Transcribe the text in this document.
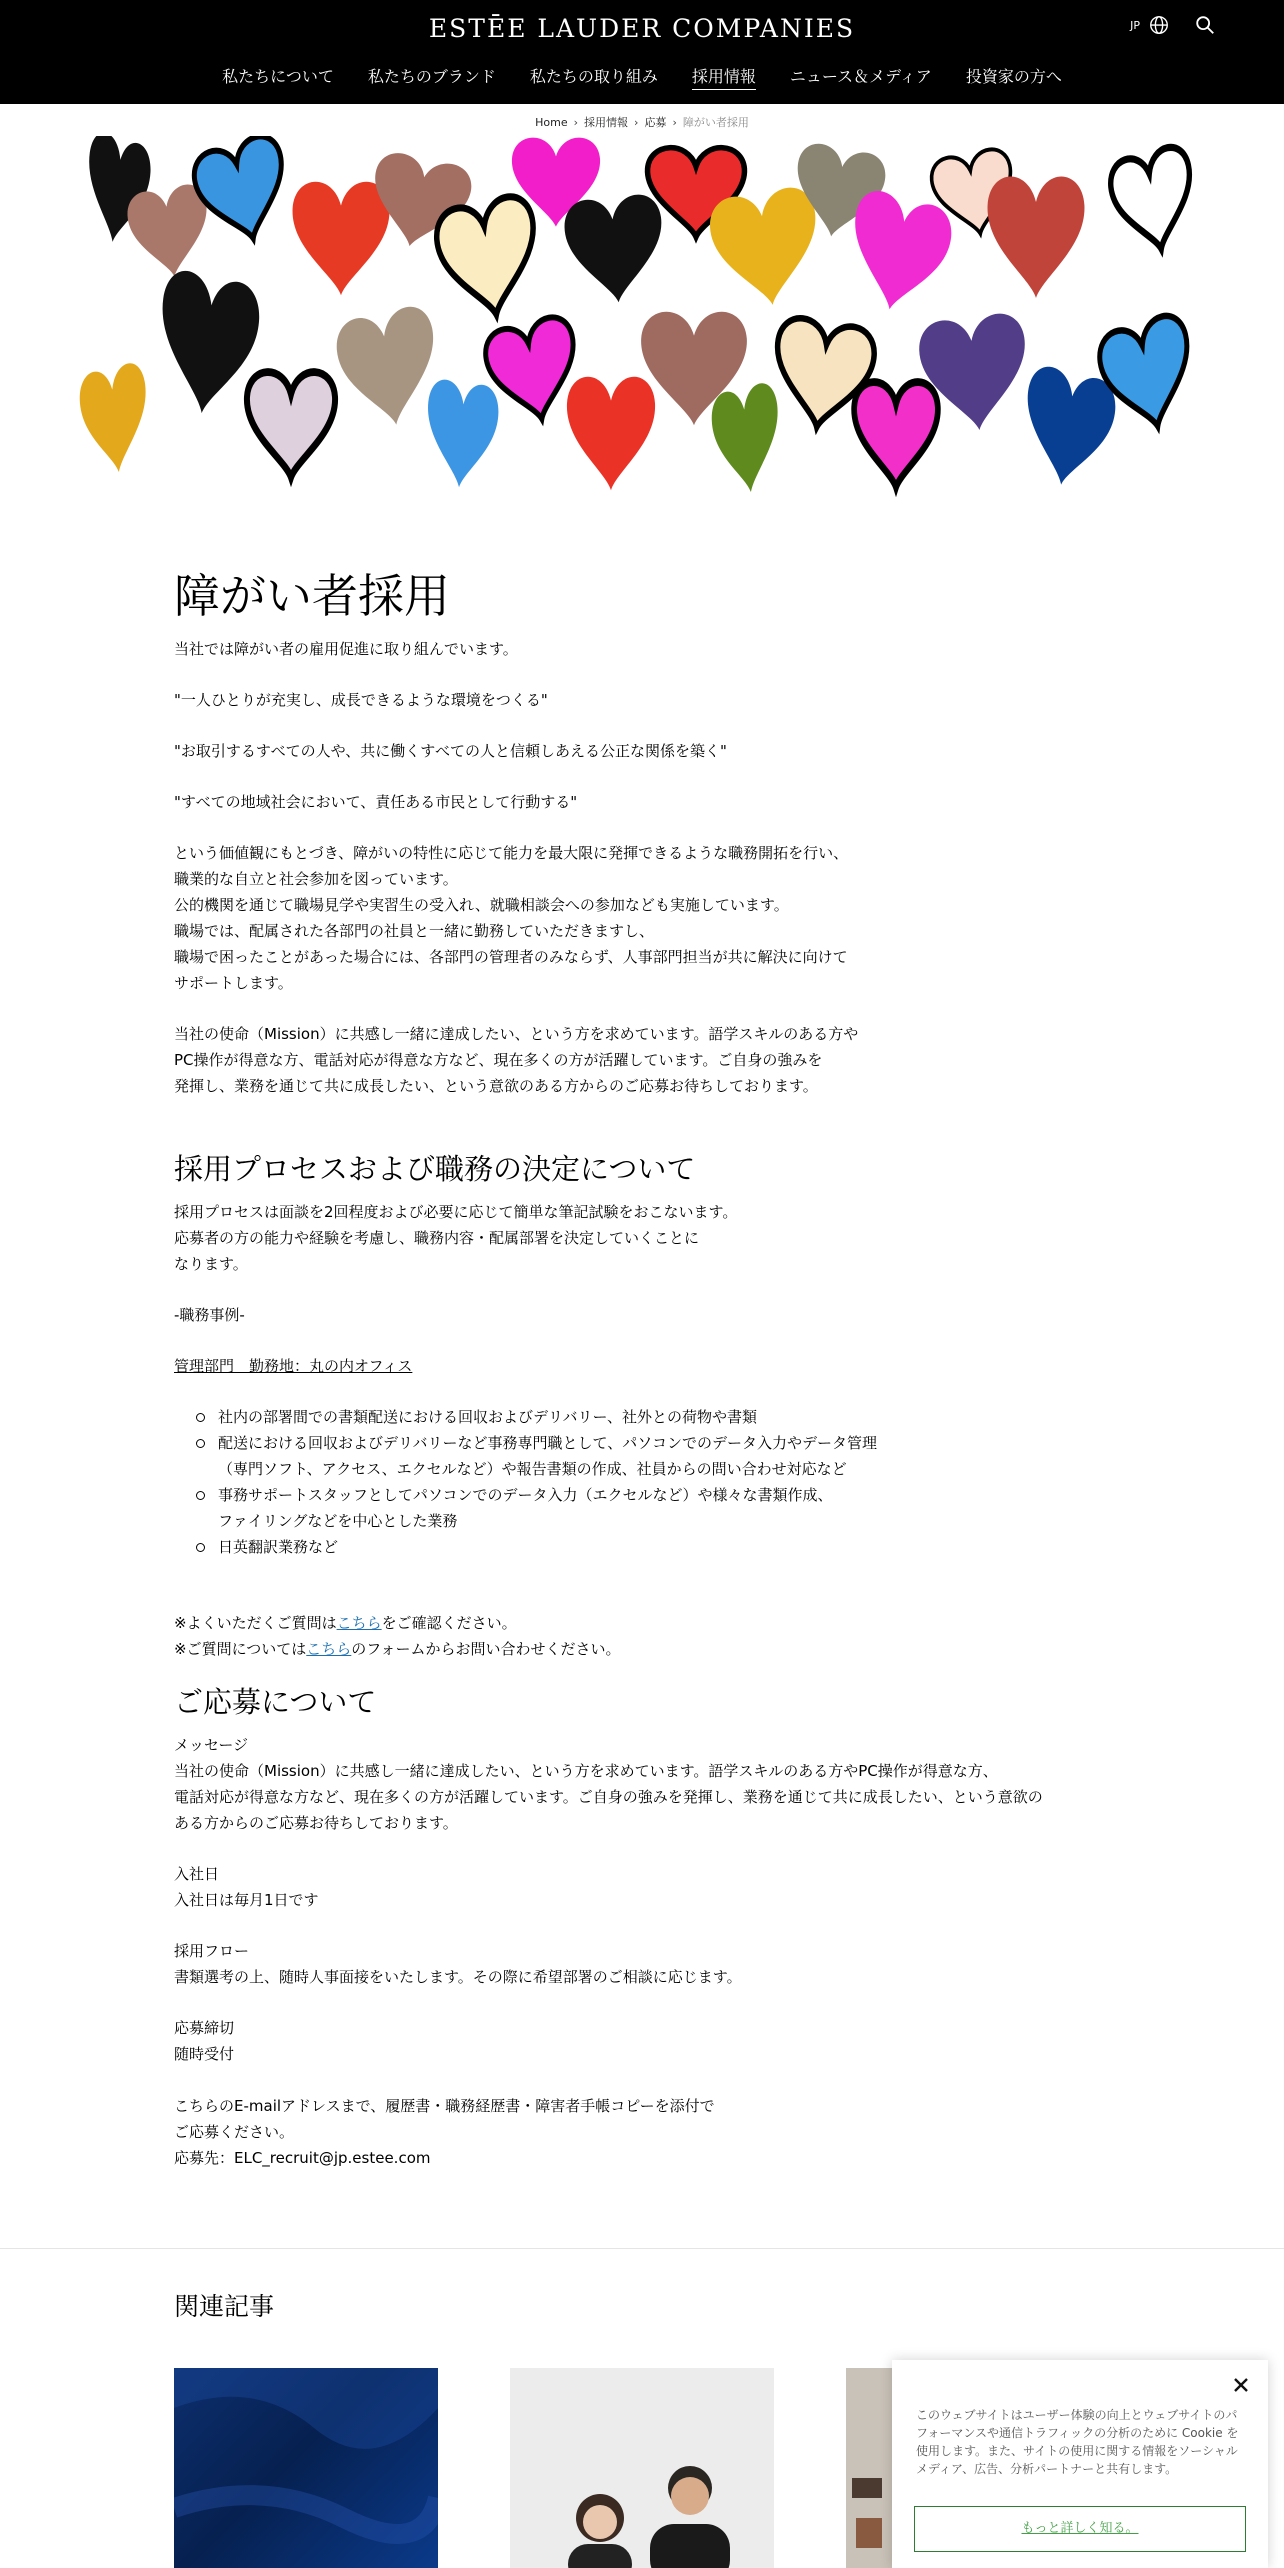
ESTĒE LAUDER COMPANIES	JP
私たちについて 私たちのブランド 私たちの取り組み 採用情報 ニュース＆メディア 投資家の方へ
Home › 採用情報 › 応募 › 障がい者採用
障がい者採用

当社では障がい者の雇用促進に取り組んでいます。

"一人ひとりが充実し、成長できるような環境をつくる"

"お取引するすべての人や、共に働くすべての人と信頼しあえる公正な関係を築く"

"すべての地域社会において、責任ある市民として行動する"

という価値観にもとづき、障がいの特性に応じて能力を最大限に発揮できるような職務開拓を行い、
職業的な自立と社会参加を図っています。
公的機関を通じて職場見学や実習生の受入れ、就職相談会への参加なども実施しています。
職場では、配属された各部門の社員と一緒に勤務していただきますし、
職場で困ったことがあった場合には、各部門の管理者のみならず、人事部門担当が共に解決に向けて
サポートします。

当社の使命（Mission）に共感し一緒に達成したい、という方を求めています。語学スキルのある方や
PC操作が得意な方、電話対応が得意な方など、現在多くの方が活躍しています。ご自身の強みを
発揮し、業務を通じて共に成長したい、という意欲のある方からのご応募お待ちしております。

採用プロセスおよび職務の決定について

採用プロセスは面談を2回程度および必要に応じて簡単な筆記試験をおこないます。
応募者の方の能力や経験を考慮し、職務内容・配属部署を決定していくことに
なります。

-職務事例-

管理部門　勤務地：丸の内オフィス

社内の部署間での書類配送における回収およびデリバリー、社外との荷物や書類
配送における回収およびデリバリーなど事務専門職として、パソコンでのデータ入力やデータ管理
（専門ソフト、アクセス、エクセルなど）や報告書類の作成、社員からの問い合わせ対応など
事務サポートスタッフとしてパソコンでのデータ入力（エクセルなど）や様々な書類作成、
ファイリングなどを中心とした業務
日英翻訳業務など
※よくいただくご質問はこちらをご確認ください。
※ご質問についてはこちらのフォームからお問い合わせください。
ご応募について
メッセージ

当社の使命（Mission）に共感し一緒に達成したい、という方を求めています。語学スキルのある方やPC操作が得意な方、
電話対応が得意な方など、現在多くの方が活躍しています。ご自身の強みを発揮し、業務を通じて共に成長したい、という意欲の
ある方からのご応募お待ちしております。

入社日

入社日は毎月1日です

採用フロー

書類選考の上、随時人事面接をいたします。その際に希望部署のご相談に応じます。

応募締切

随時受付

こちらのE-mailアドレスまで、履歴書・職務経歴書・障害者手帳コピーを添付で
ご応募ください。
応募先：ELC_recruit@jp.estee.com

関連記事
このウェブサイトはユーザー体験の向上とウェブサイトのパフォーマンスや通信トラフィックの分析のために Cookie を使用します。また、サイトの使用に関する情報をソーシャルメディア、広告、分析パートナーと共有します。
もっと詳しく知る。
